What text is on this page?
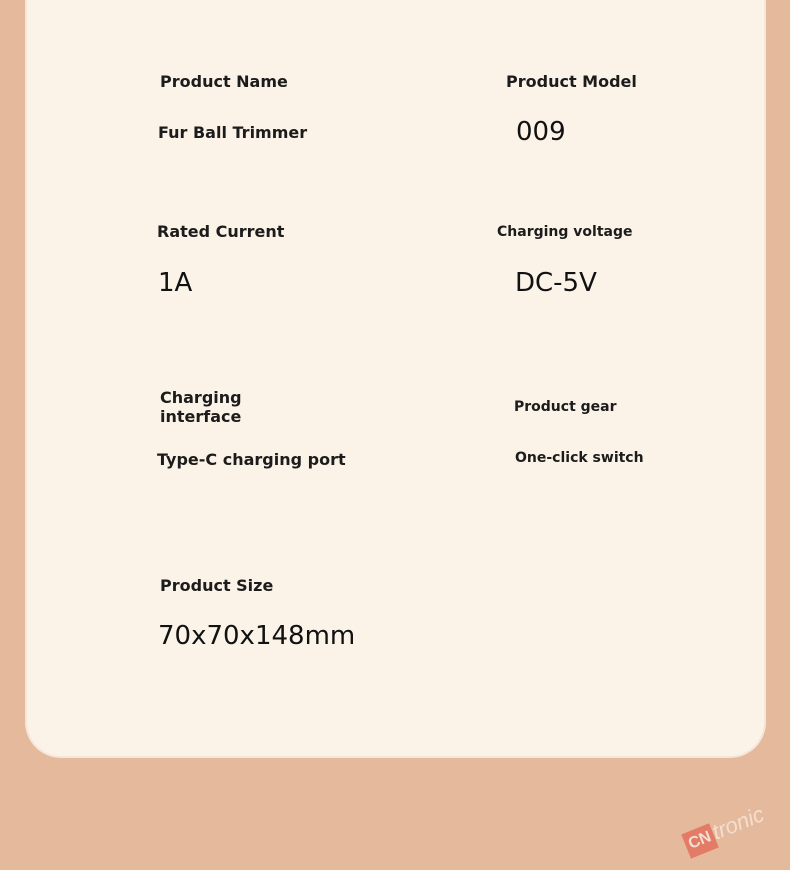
Product Name
Fur Ball Trimmer
Product Model
009
Rated Current
1A
Charging voltage
DC-5V
Charging
interface
Type-C charging port
Product gear
One-click switch
Product Size
70x70x148mm
CN
tronic
